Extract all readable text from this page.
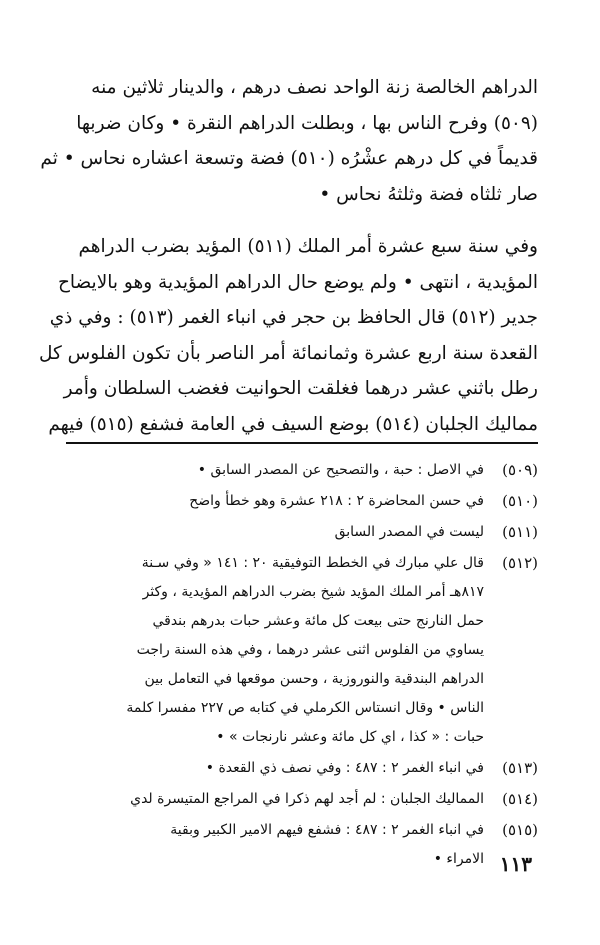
الدراهم الخالصة زنة الواحد نصف درهم ، والدينار ثلاثين منه
(٥٠٩) وفرح الناس بها ، وبطلت الدراهم النقرة • وكان ضربها
قديماً في كل درهم عشْرُه (٥١٠) فضة وتسعة اعشاره نحاس • ثم
صار ثلثاه فضة وثلثهُ نحاس •
وفي سنة سبع عشرة أمر الملك (٥١١) المؤيد بضرب الدراهم
المؤيدية ، انتهى • ولم يوضع حال الدراهم المؤيدية وهو بالايضاح
جدير (٥١٢) قال الحافظ بن حجر في انباء الغمر (٥١٣) : وفي ذي
القعدة سنة اربع عشرة وثمانمائة أمر الناصر بأن تكون الفلوس كل
رطل باثني عشر درهما فغلقت الحوانيت فغضب السلطان وأمر
مماليك الجلبان (٥١٤) بوضع السيف في العامة فشفع (٥١٥) فيهم
(٥٠٩)
في الاصل : حبة ، والتصحيح عن المصدر السابق •
(٥١٠)
في حسن المحاضرة ٢ : ٢١٨ عشرة وهو خطأ واضح
(٥١١)
ليست في المصدر السابق
(٥١٢)
قال علي مبارك في الخطط التوفيقية ٢٠ : ١٤١ « وفي سـنة
٨١٧هـ أمر الملك المؤيد شيخ بضرب الدراهم المؤيدية ، وكثر
حمل النارنج حتى بيعت كل مائة وعشر حبات بدرهم بندقي
يساوي من الفلوس اثنى عشر درهما ، وفي هذه السنة راجت
الدراهم البندقية والنوروزية ، وحسن موقعها في التعامل بين
الناس • وقال انستاس الكرملي في كتابه ص ٢٢٧ مفسرا كلمة
حبات : « كذا ، اي كل مائة وعشر نارنجات » •
(٥١٣)
في انباء الغمر ٢ : ٤٨٧ : وفي نصف ذي القعدة •
(٥١٤)
المماليك الجلبان : لم أجد لهم ذكرا في المراجع المتيسرة لدي
(٥١٥)
في انباء الغمر ٢ : ٤٨٧ : فشفع فيهم الامير الكبير وبقية
الامراء • ١١٣
